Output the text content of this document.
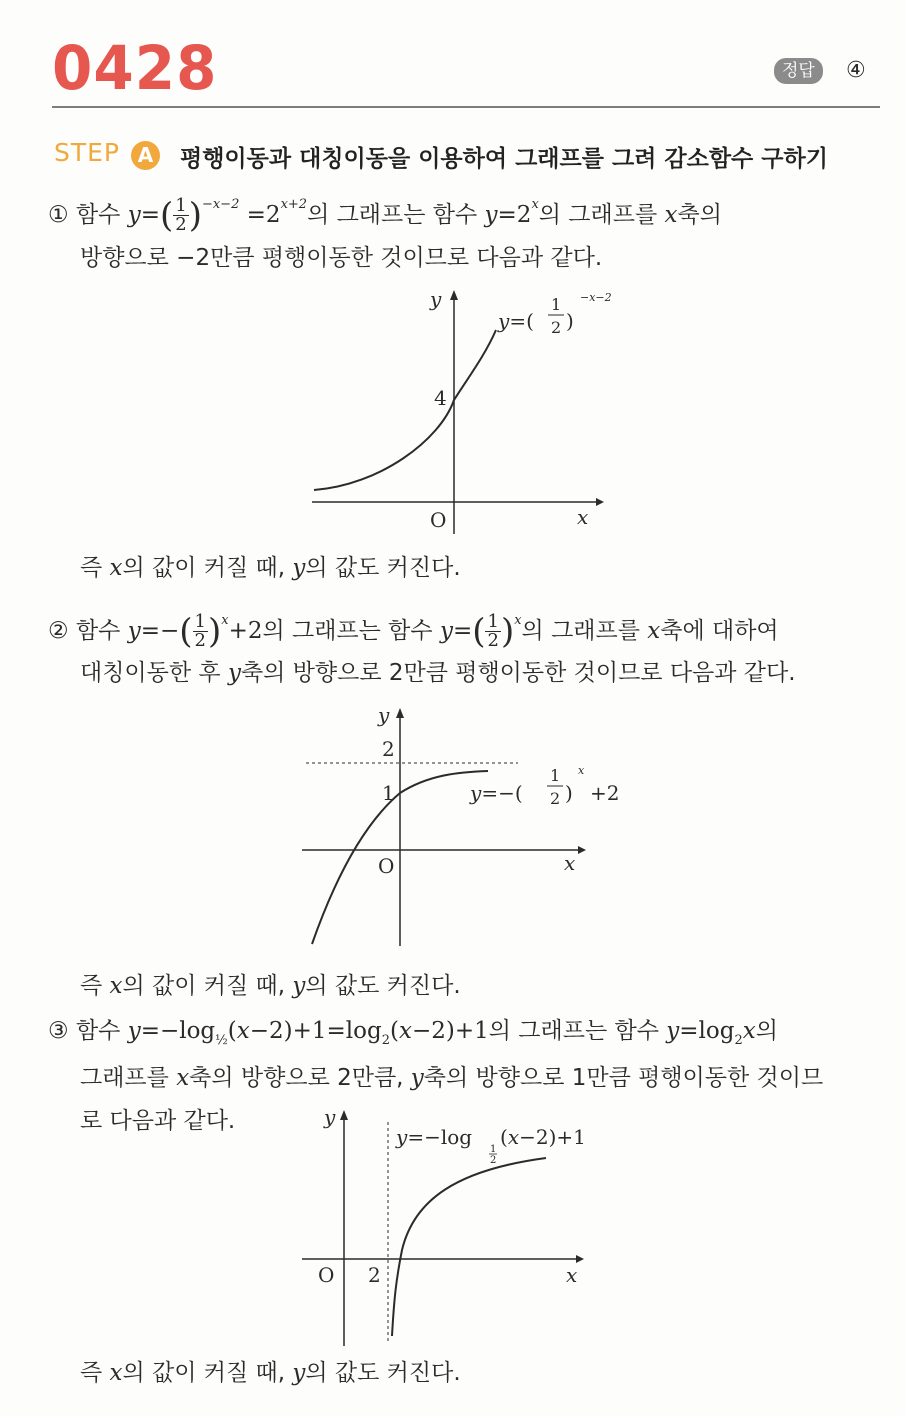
0428	정답	④
STEP A 평행이동과 대칭이동을 이용하여 그래프를 그려 감소함수 구하기
① 함수 $y=( \frac{1}{2} )^{-x-2} =2^{x+2}$의 그래프는 함수 $y=2^x$의 그래프를 x축의
방향으로 −2만큼 평행이동한 것이므로 다음과 같다.
y
x
O
4
y=(
1
2 )
−x−2
즉 x의 값이 커질 때, y의 값도 커진다.
② 함수 $y=-( \frac{1}{2} )^x+2$의 그래프는 함수 $y=( \frac{1}{2} )^x$의 그래프를 x축에 대하여
대칭이동한 후 y축의 방향으로 2만큼 평행이동한 것이므로 다음과 같다.
y
x
O
2
1	y=−(
1
2 )
x
+2
즉 x의 값이 커질 때, y의 값도 커진다.
③ 함수 $y=-\log_{\frac{1}{2}}(x-2)+1=\log_2(x-2)+1$의 그래프는 함수 $y=\log_2x$의
그래프를 x축의 방향으로 2만큼, y축의 방향으로 1만큼 평행이동한 것이므
로 다음과 같다.	y
x
O 2
y=−log
1
2
(x−2)+1
즉 x의 값이 커질 때, y의 값도 커진다.
